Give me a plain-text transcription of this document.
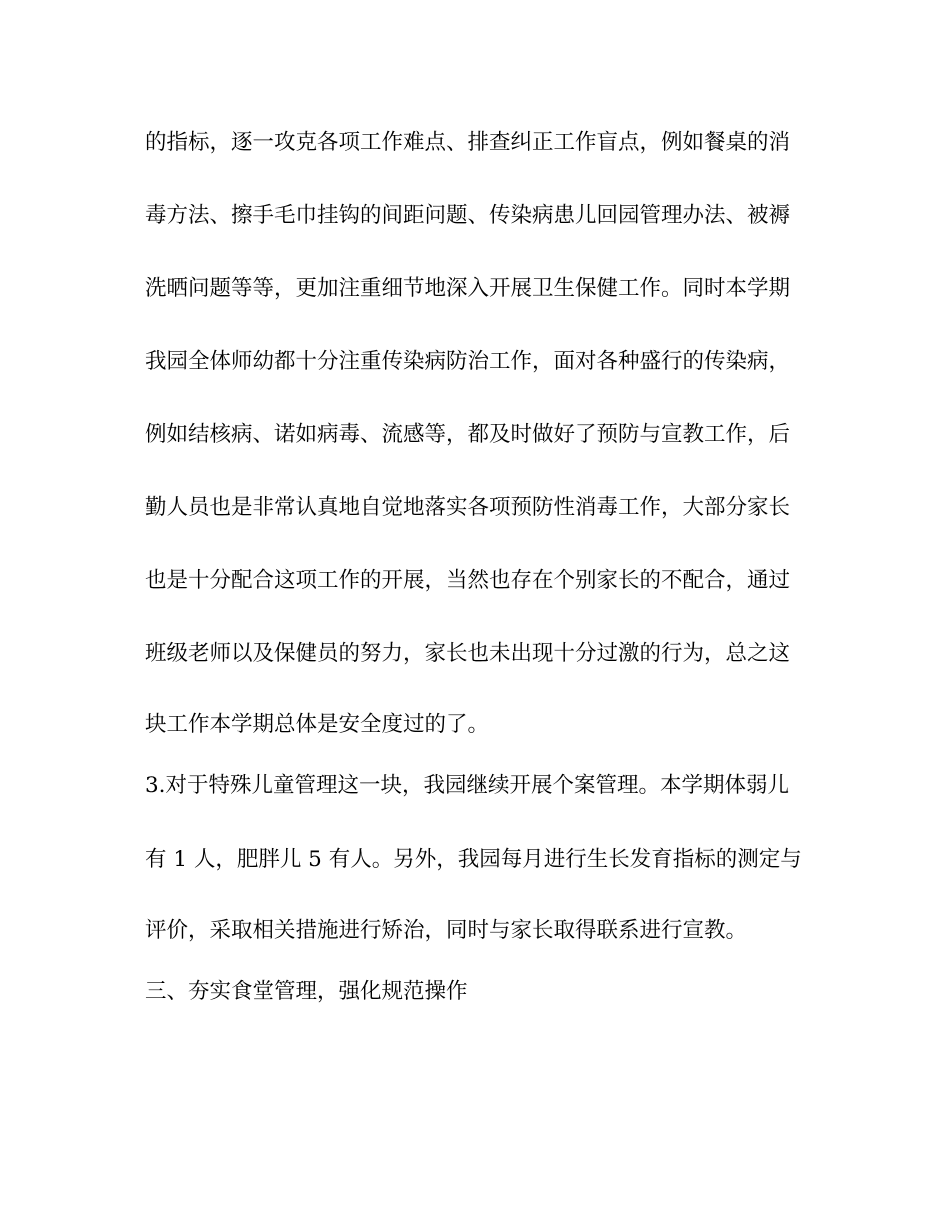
的指标，逐一攻克各项工作难点、排查纠正工作盲点，例如餐桌的消
毒方法、擦手毛巾挂钩的间距问题、传染病患儿回园管理办法、被褥
洗晒问题等等，更加注重细节地深入开展卫生保健工作。同时本学期
我园全体师幼都十分注重传染病防治工作，面对各种盛行的传染病，
例如结核病、诺如病毒、流感等，都及时做好了预防与宣教工作，后
勤人员也是非常认真地自觉地落实各项预防性消毒工作，大部分家长
也是十分配合这项工作的开展，当然也存在个别家长的不配合，通过
班级老师以及保健员的努力，家长也未出现十分过激的行为，总之这
块工作本学期总体是安全度过的了。
3.对于特殊儿童管理这一块，我园继续开展个案管理。本学期体弱儿
有 1 人，肥胖儿 5 有人。另外，我园每月进行生长发育指标的测定与
评价，采取相关措施进行矫治，同时与家长取得联系进行宣教。
三、夯实食堂管理，强化规范操作
